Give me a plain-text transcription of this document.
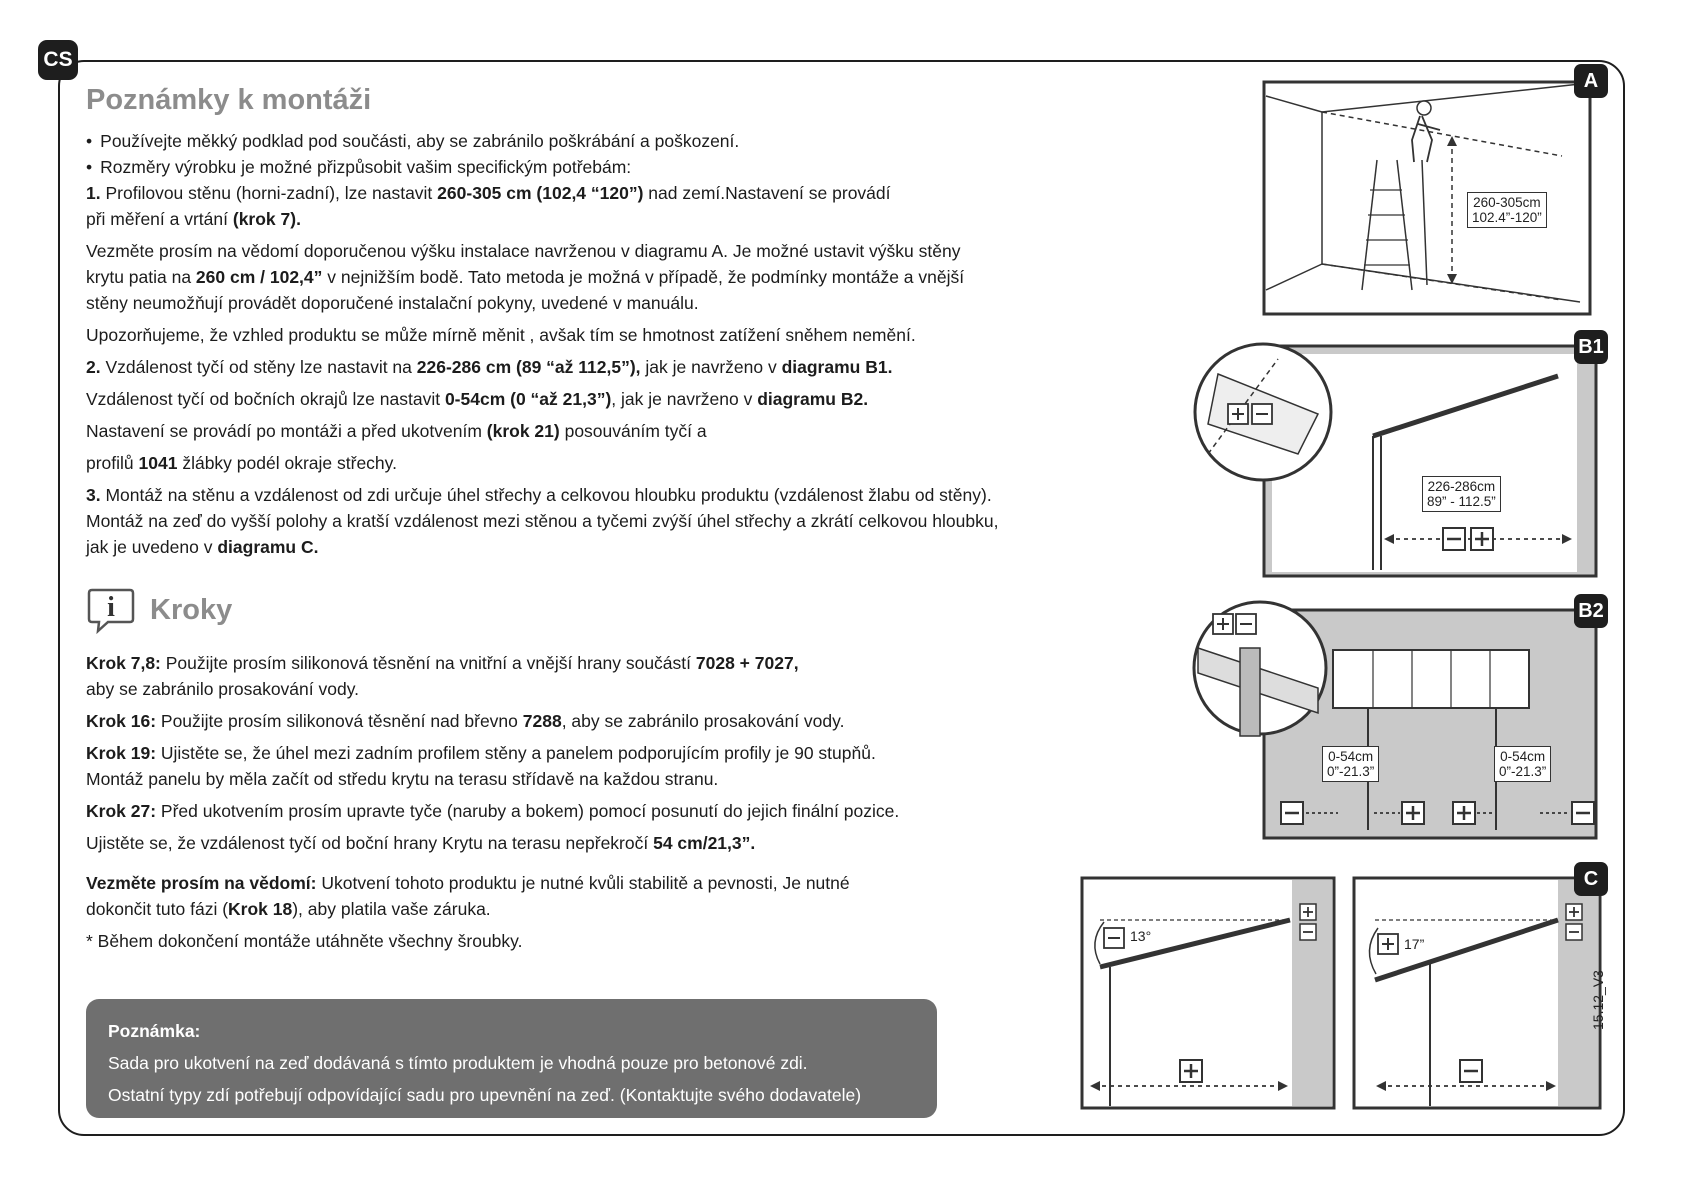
CS
Poznámky k montáži

• Používejte měkký podklad pod součásti, aby se zabránilo poškrábání a poškození.

• Rozměry výrobku je možné přizpůsobit vašim specifickým potřebám:

1. Profilovou stěnu (horni-zadní), lze nastavit 260-305 cm (102,4 “120”) nad zemí.Nastavení se provádí
při měření a vrtání (krok 7).

Vezměte prosím na vědomí doporučenou výšku instalace navrženou v diagramu A. Je možné ustavit výšku stěny
krytu patia na 260 cm / 102,4” v nejnižším bodě. Tato metoda je možná v případě, že podmínky montáže a vnější
stěny neumožňují provádět doporučené instalační pokyny, uvedené v manuálu.

Upozorňujeme, že vzhled produktu se může mírně měnit , avšak tím se hmotnost zatížení sněhem nemění.

2. Vzdálenost tyčí od stěny lze nastavit na 226-286 cm (89 “až 112,5”), jak je navrženo v diagramu B1.

Vzdálenost tyčí od bočních okrajů lze nastavit 0-54cm (0 “až 21,3”), jak je navrženo v diagramu B2.

Nastavení se provádí po montáži a před ukotvením (krok 21) posouváním tyčí a

profilů 1041 žlábky podél okraje střechy.

3. Montáž na stěnu a vzdálenost od zdi určuje úhel střechy a celkovou hloubku produktu (vzdálenost žlabu od stěny).
Montáž na zeď do vyšší polohy a kratší vzdálenost mezi stěnou a tyčemi zvýší úhel střechy a zkrátí celkovou hloubku,
jak je uvedeno v diagramu C.

i Kroky

Krok 7,8: Použijte prosím silikonová těsnění na vnitřní a vnější hrany součástí 7028 + 7027,
aby se zabránilo prosakování vody.

Krok 16: Použijte prosím silikonová těsnění nad břevno 7288, aby se zabránilo prosakování vody.

Krok 19: Ujistěte se, že úhel mezi zadním profilem stěny a panelem podporujícím profily je 90 stupňů.
Montáž panelu by měla začít od středu krytu na terasu střídavě na každou stranu.

Krok 27: Před ukotvením prosím upravte tyče (naruby a bokem) pomocí posunutí do jejich finální pozice.

Ujistěte se, že vzdálenost tyčí od boční hrany Krytu na terasu nepřekročí 54 cm/21,3”.

Vezměte prosím na vědomí: Ukotvení tohoto produktu je nutné kvůli stabilitě a pevnosti, Je nutné
dokončit tuto fázi (Krok 18), aby platila vaše záruka.

* Během dokončení montáže utáhněte všechny šroubky.

Poznámka:
Sada pro ukotvení na zeď dodávaná s tímto produktem je vhodná pouze pro betonové zdi.
Ostatní typy zdí potřebují odpovídající sadu pro upevnění na zeď. (Kontaktujte svého dodavatele)
A
260-305cm
102.4”-120”
B1
226-286cm
89” - 112.5”
B2
0-54cm
0”-21.3”
0-54cm
0”-21.3”
C
13°	17”
15.12_V3
